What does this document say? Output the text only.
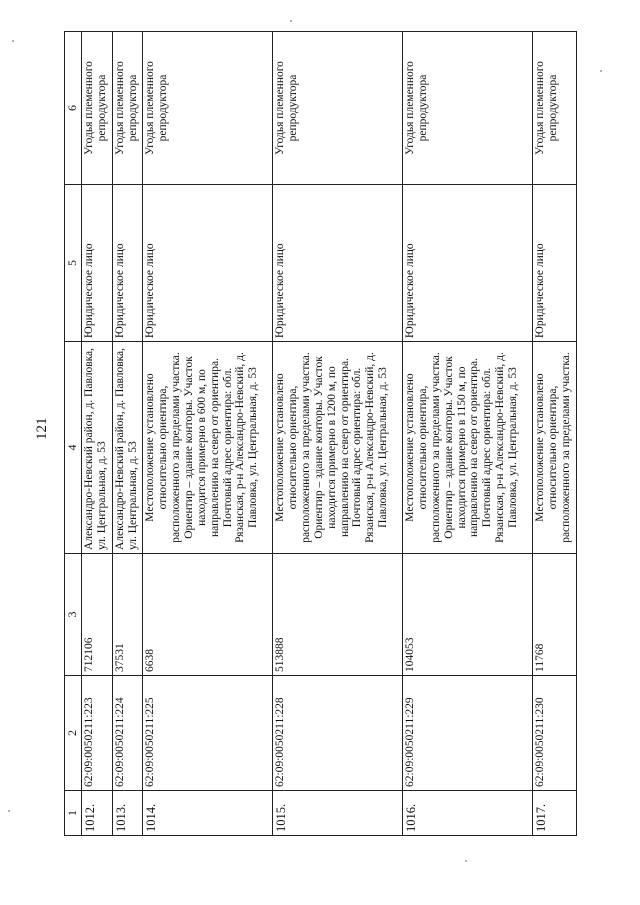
121
1	2	3	4	5	6
1012.	62:09:0050211:223	712106	Александро-Невский район, д. Павловка, ул. Центральная, д. 53	Юридическое лицо	Угодья племенного репродуктора
1013.	62:09:0050211:224	37531	Александро-Невский район, д. Павловка, ул. Центральная, д. 53	Юридическое лицо	Угодья племенного репродуктора
1014.	62:09:0050211:225	6638	Местоположение установлено относительно ориентира, расположенного за пределами участка. Ориентир – здание конторы. Участок находится примерно в 600 м, по направлению на север от ориентира. Почтовый адрес ориентира: обл. Рязанская, р-н Александро-Невский, д. Павловка, ул. Центральная, д. 53	Юридическое лицо	Угодья племенного репродуктора
1015.	62:09:0050211:228	513888	Местоположение установлено относительно ориентира, расположенного за пределами участка. Ориентир – здание конторы. Участок находится примерно в 1200 м, по направлению на север от ориентира. Почтовый адрес ориентира: обл. Рязанская, р-н Александро-Невский, д. Павловка, ул. Центральная, д. 53	Юридическое лицо	Угодья племенного репродуктора
1016.	62:09:0050211:229	104053	Местоположение установлено относительно ориентира, расположенного за пределами участка. Ориентир – здание конторы. Участок находится примерно в 1150 м, по направлению на север от ориентира. Почтовый адрес ориентира: обл. Рязанская, р-н Александро-Невский, д. Павловка, ул. Центральная, д. 53	Юридическое лицо	Угодья племенного репродуктора
1017.	62:09:0050211:230	11768	Местоположение установлено относительно ориентира, расположенного за пределами участка.	Юридическое лицо	Угодья племенного репродуктора
